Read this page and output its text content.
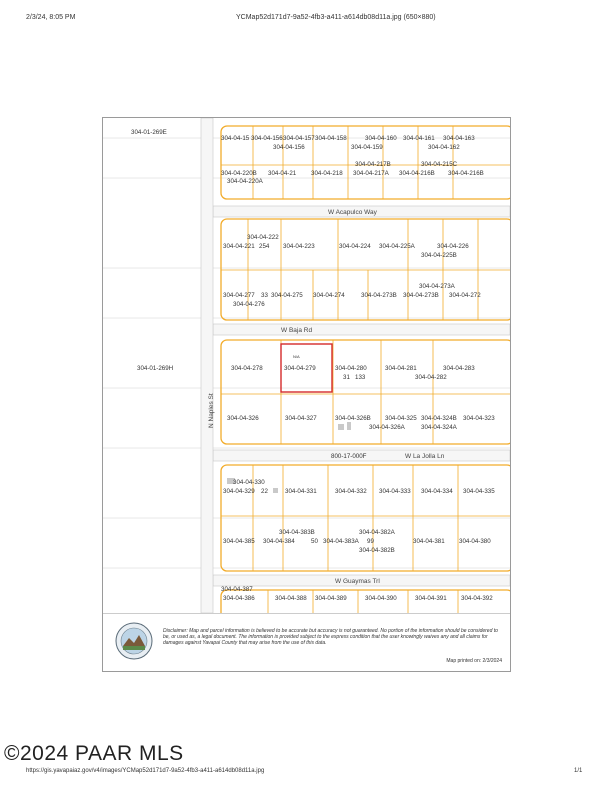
2/3/24, 8:05 PM	YCMap52d171d7-9a52-4fb3-a411-a614db08d11a.jpg (650×880)
W Acapulco Way
W Baja Rd
W La Jolla Ln
W Guaymas Trl
N Naples St
304-01-269E
304-01-269H
800-17-000F
304-04-15 304-04-156 304-04-157 304-04-158	304-04-160 304-04-161 304-04-163
304-04-156	304-04-159	304-04-162
304-04-217B	304-04-215C
304-04-220B 304-04-21 304-04-218 304-04-217A 304-04-216B 304-04-216B
304-04-220A
304-04-222
304-04-221 254 304-04-223	304-04-224 304-04-225A	304-04-226
304-04-225B
304-04-273A
304-04-277 33 304-04-275 304-04-274	304-04-273B 304-04-273B 304-04-272
304-04-276
N/A
304-04-278	304-04-279	304-04-280	304-04-281	304-04-283
31 133	304-04-282
304-04-326	304-04-327	304-04-326B 304-04-325 304-04-324B 304-04-323
304-04-326A	304-04-324A
304-04-330
304-04-329 22	304-04-331	304-04-332 304-04-333 304-04-334 304-04-335
304-04-383B	304-04-382A
304-04-385 304-04-384	50 304-04-383A 99	304-04-381 304-04-380
304-04-382B
304-04-387
304-04-386	304-04-388 304-04-389	304-04-390	304-04-391 304-04-392
Disclaimer: Map and parcel information is believed to be accurate but accuracy is not guaranteed. No portion of the information should be considered to be, or used as, a legal document. The information is provided subject to the express condition that the user knowingly waives any and all claims for damages against Yavapai County that may arise from the use of this data.
Map printed on: 2/3/2024
©2024 PAAR MLS
https://gis.yavapaiaz.gov/v4/images/YCMap52d171d7-9a52-4fb3-a411-a614db08d11a.jpg	1/1
